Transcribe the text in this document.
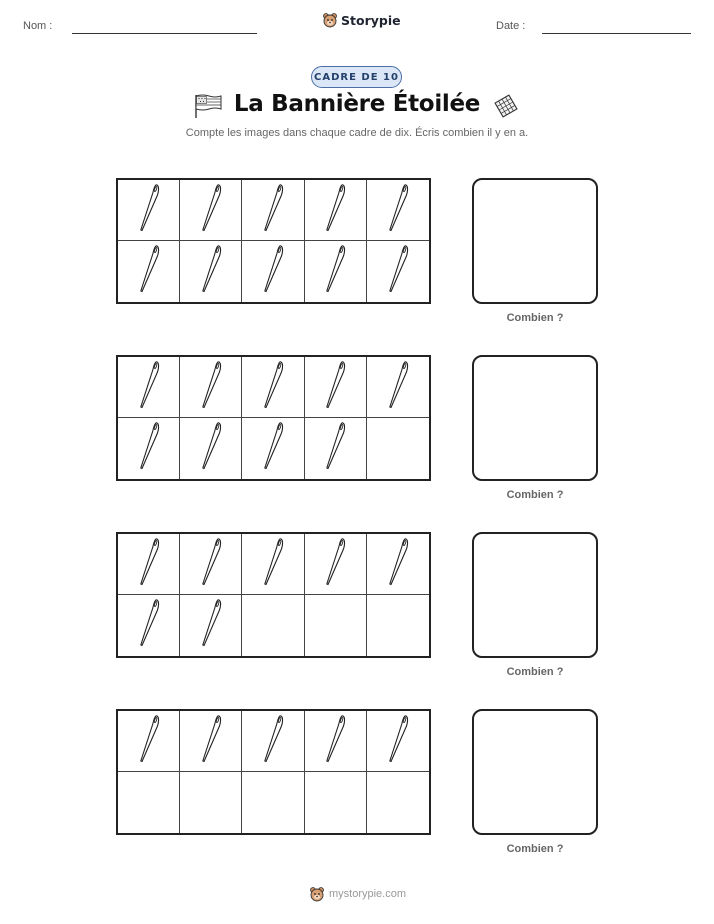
Nom :	Storypie	Date :
CADRE DE 10
La Bannière Étoilée
Compte les images dans chaque cadre de dix. Écris combien il y en a.
Combien ?
Combien ?
Combien ?
Combien ?
mystorypie.com
